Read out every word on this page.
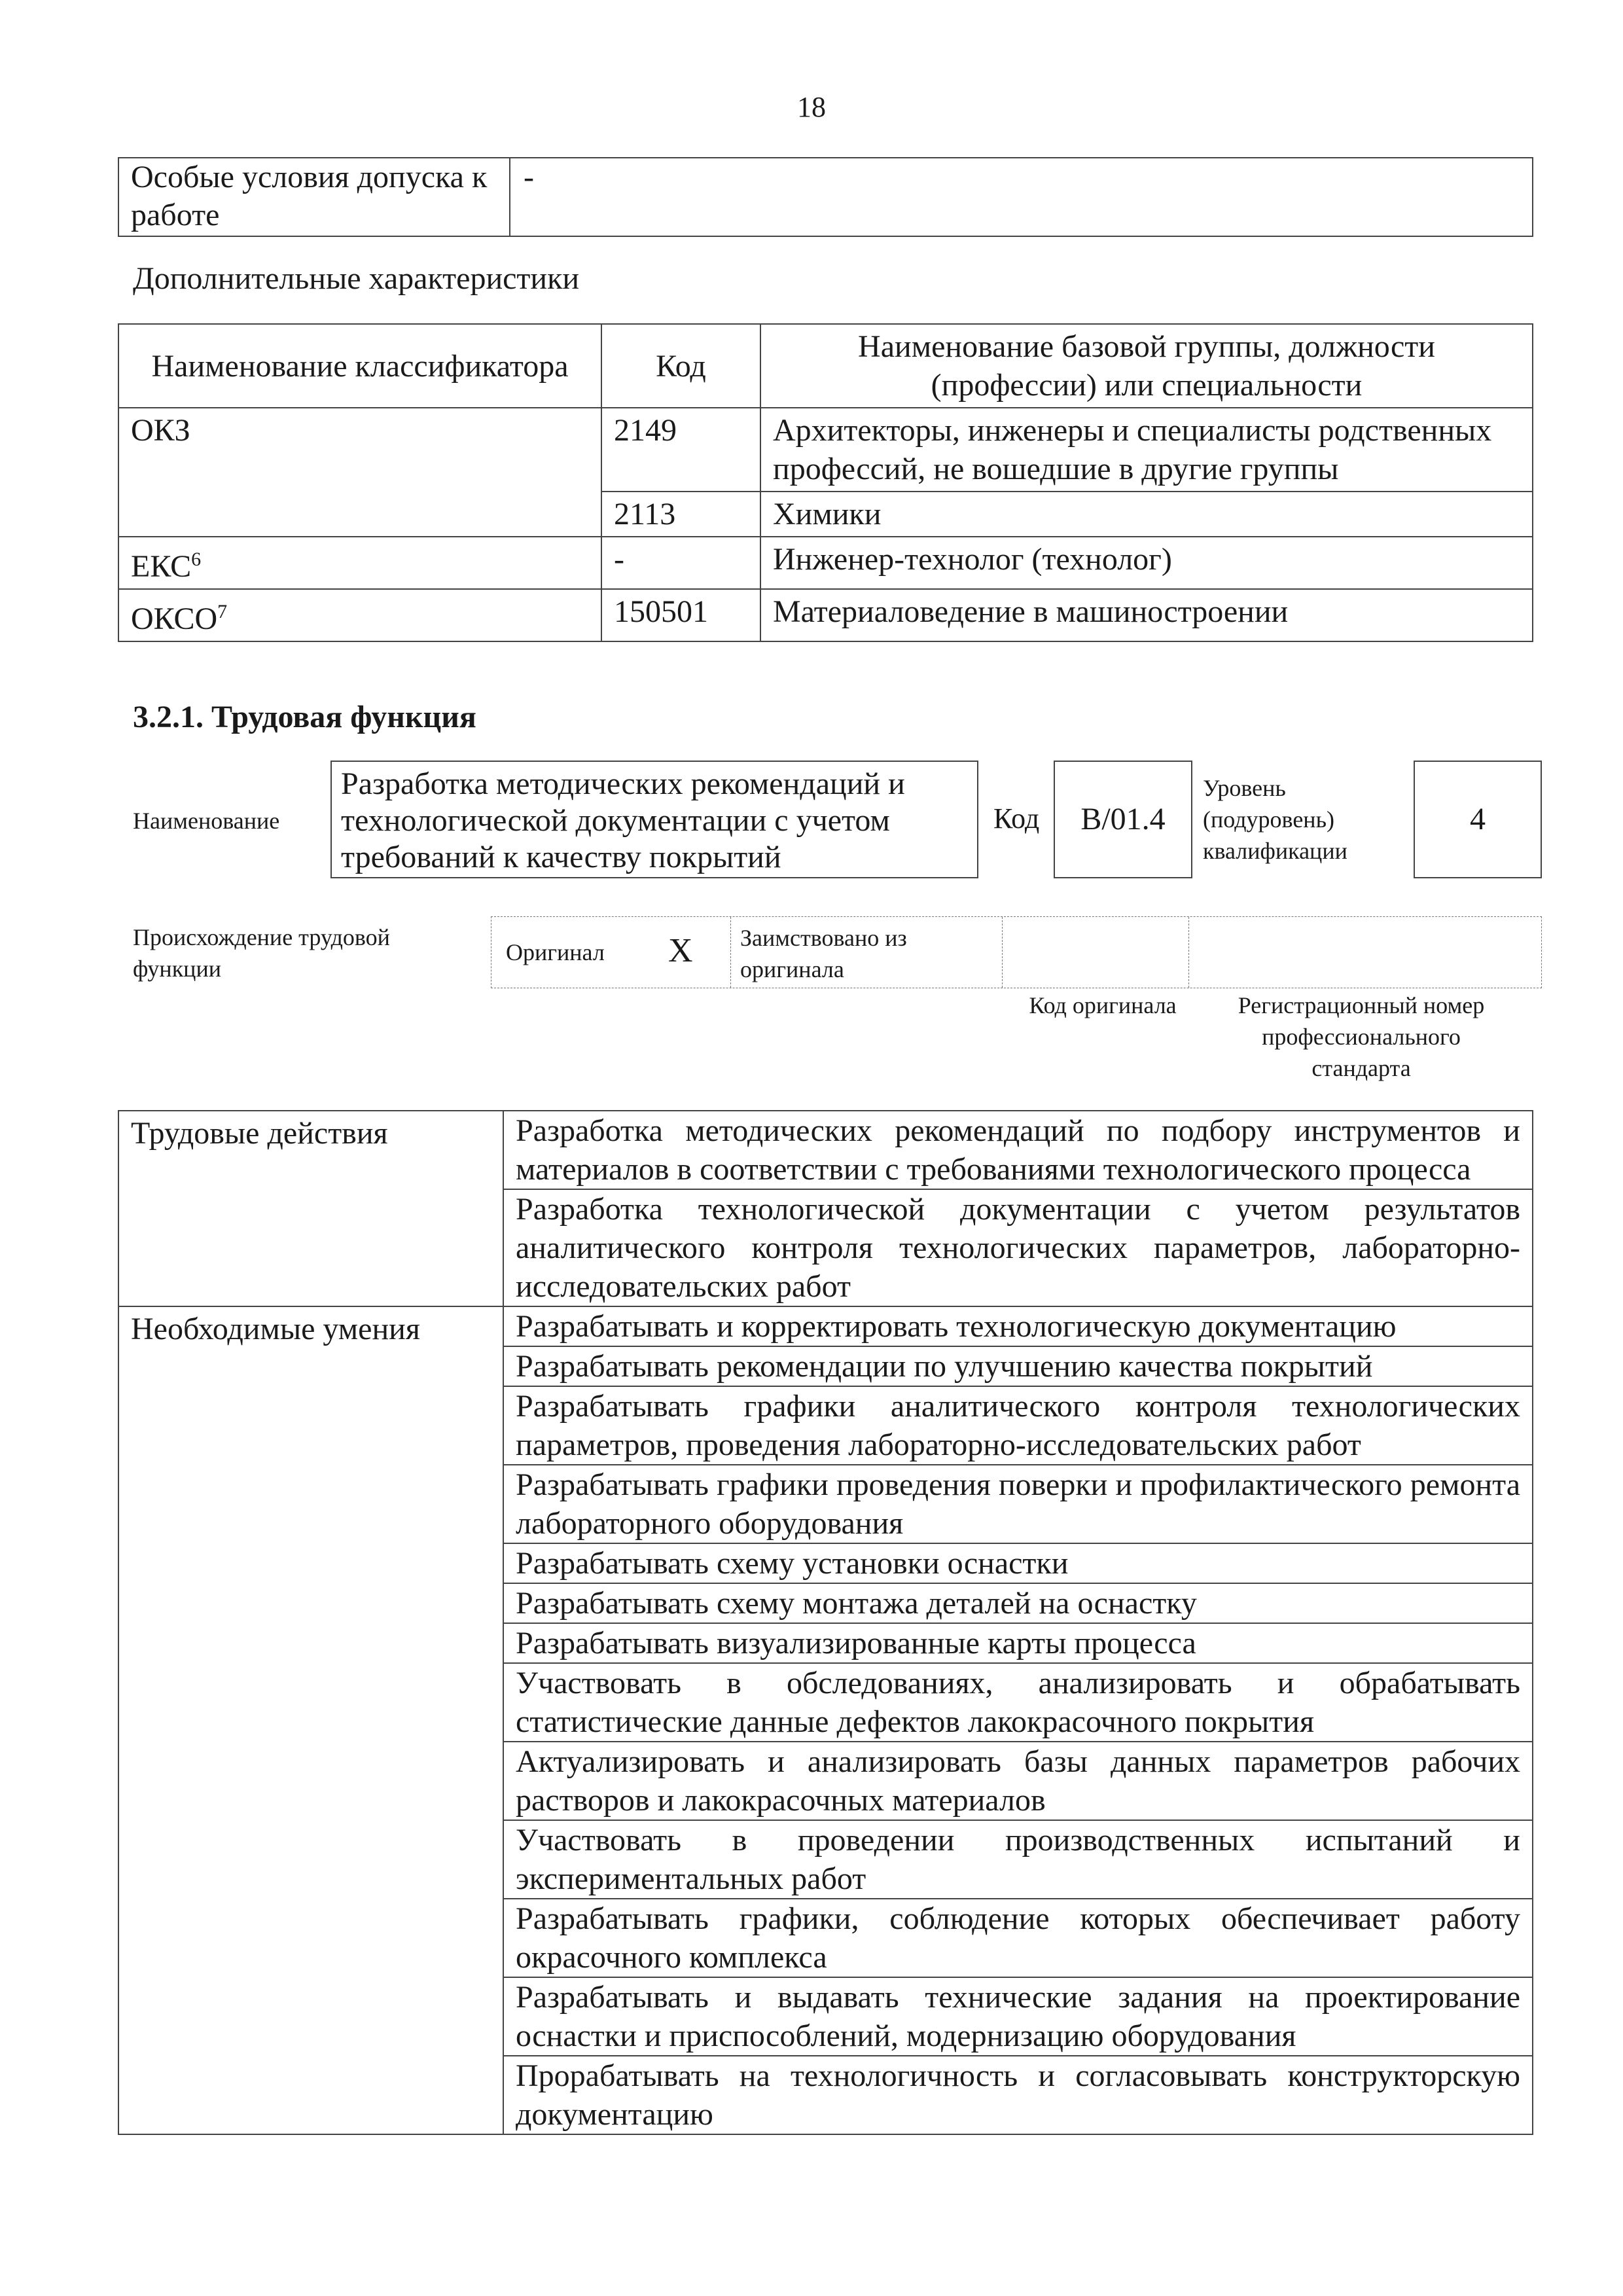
18
Особые условия допуска к работе	-
Дополнительные характеристики
Наименование классификатора	Код	Наименование базовой группы, должности (профессии) или специальности
ОКЗ	2149	Архитекторы, инженеры и специалисты родственных профессий, не вошедшие в другие группы
	2113	Химики
ЕКС$^6$	-	Инженер-технолог (технолог)
ОКСО$^7$	150501	Материаловедение в машиностроении
3.2.1. Трудовая функция
Наименование
Разработка методических рекомендаций и технологической документации с учетом требований к качеству покрытий
Код	B/01.4
Уровень (подуровень) квалификации
4
Происхождение трудовой функции
Оригинал X Заимствовано из оригинала
Код оригинала	Регистрационный номер профессионального стандарта
Трудовые действия	Разработка методических рекомендаций по подбору инструментов и материалов в соответствии с требованиями технологического процесса
	Разработка технологической документации с учетом результатов аналитического контроля технологических параметров, лабораторно-исследовательских работ
Необходимые умения	Разрабатывать и корректировать технологическую документацию
	Разрабатывать рекомендации по улучшению качества покрытий
	Разрабатывать графики аналитического контроля технологических параметров, проведения лабораторно-исследовательских работ
	Разрабатывать графики проведения поверки и профилактического ремонта лабораторного оборудования
	Разрабатывать схему установки оснастки
	Разрабатывать схему монтажа деталей на оснастку
	Разрабатывать визуализированные карты процесса
	Участвовать в обследованиях, анализировать и обрабатывать статистические данные дефектов лакокрасочного покрытия
	Актуализировать и анализировать базы данных параметров рабочих растворов и лакокрасочных материалов
	Участвовать в проведении производственных испытаний и экспериментальных работ
	Разрабатывать графики, соблюдение которых обеспечивает работу окрасочного комплекса
	Разрабатывать и выдавать технические задания на проектирование оснастки и приспособлений, модернизацию оборудования
	Прорабатывать на технологичность и согласовывать конструкторскую документацию
